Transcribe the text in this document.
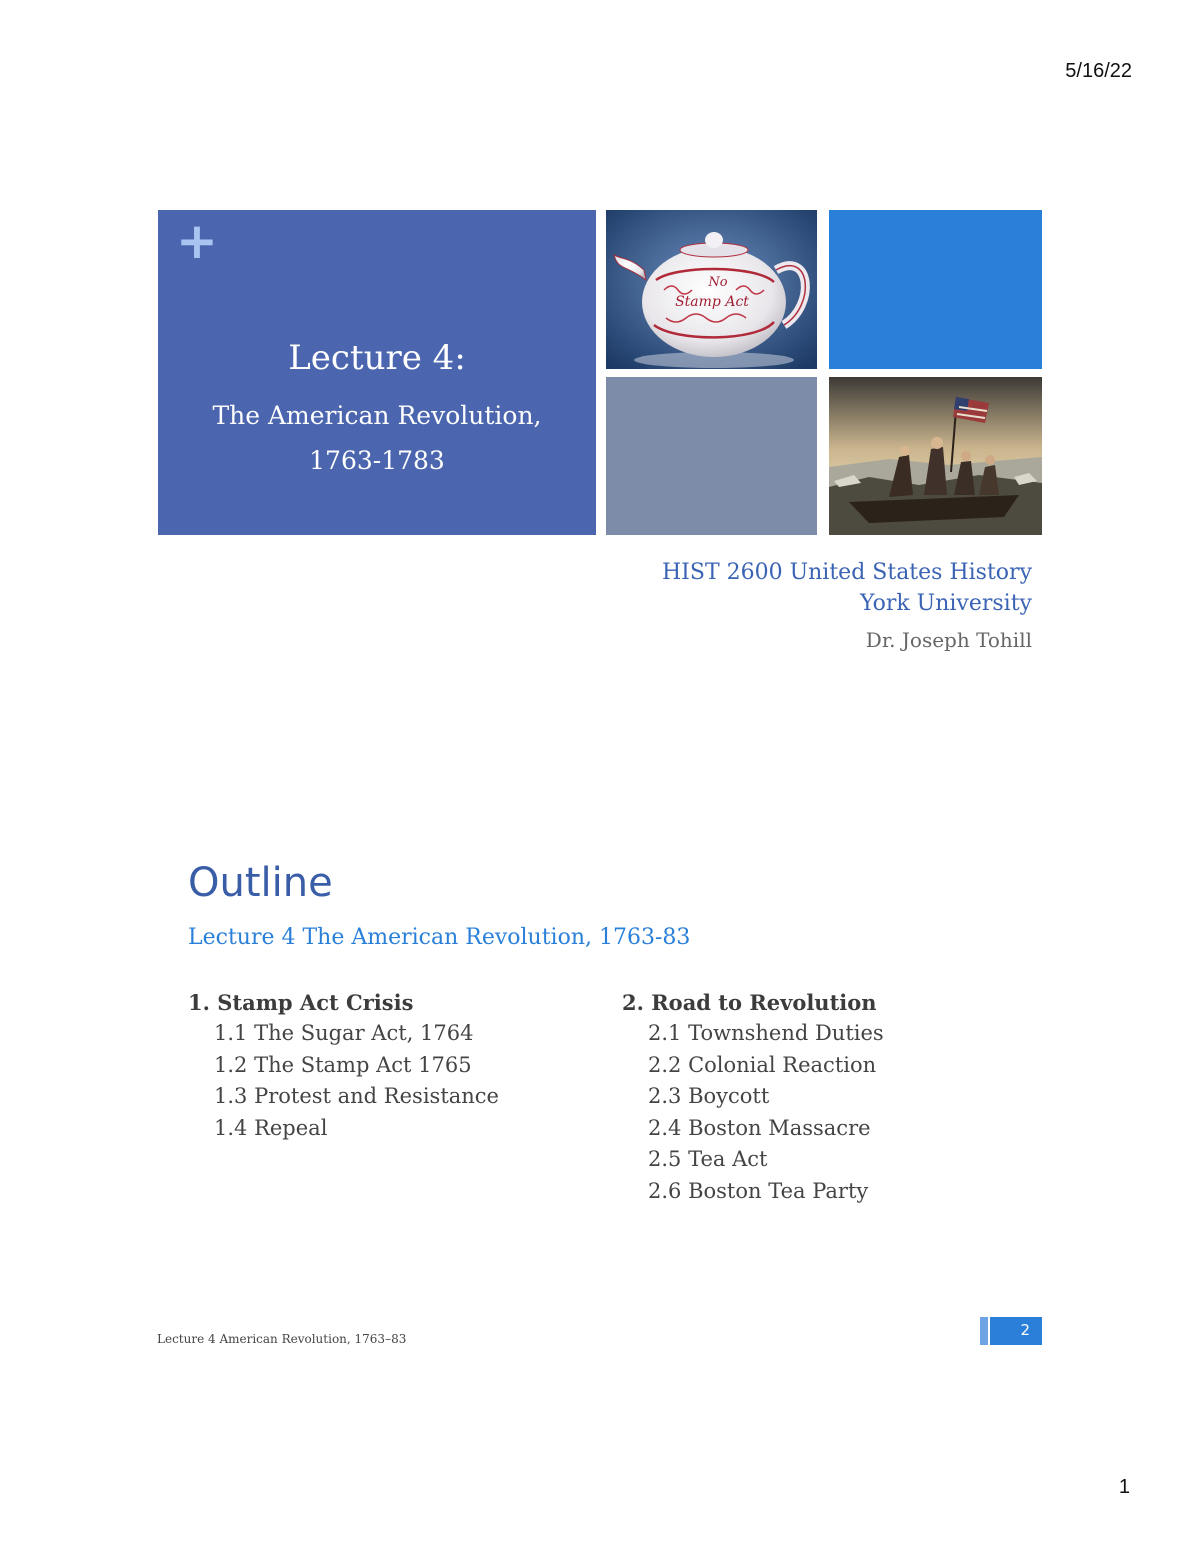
5/16/22
+
Lecture 4:
The American Revolution,
1763-1783
No
Stamp Act
HIST 2600 United States History
York University
Dr. Joseph Tohill
Outline
Lecture 4 The American Revolution, 1763-83
1. Stamp Act Crisis
1.1 The Sugar Act, 1764
1.2 The Stamp Act 1765
1.3 Protest and Resistance
1.4 Repeal
2. Road to Revolution
2.1 Townshend Duties
2.2 Colonial Reaction
2.3 Boycott
2.4 Boston Massacre
2.5 Tea Act
2.6 Boston Tea Party
Lecture 4 American Revolution, 1763–83	2
1
